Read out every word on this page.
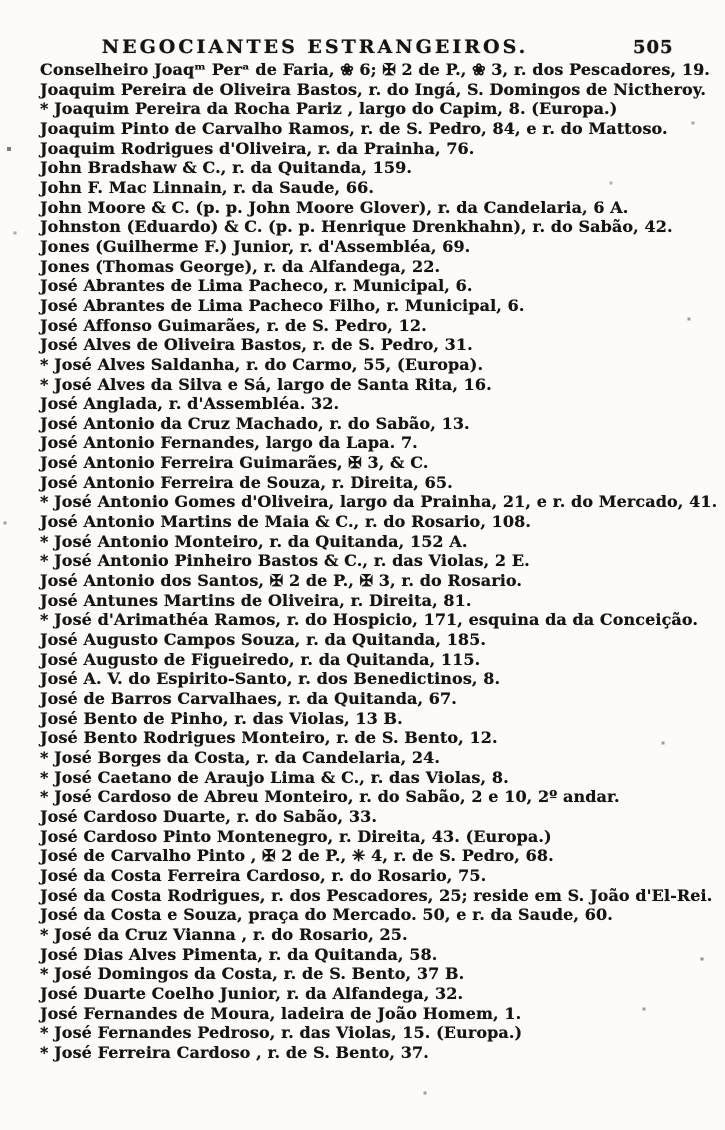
NEGOCIANTES ESTRANGEIROS.	505
Conselheiro Joaqᵐ Perᵃ de Faria, ❀ 6; ✠ 2 de P., ❀ 3, r. dos Pescadores, 19.
Joaquim Pereira de Oliveira Bastos, r. do Ingá, S. Domingos de Nictheroy.
* Joaquim Pereira da Rocha Pariz , largo do Capim, 8. (Europa.)
Joaquim Pinto de Carvalho Ramos, r. de S. Pedro, 84, e r. do Mattoso.
Joaquim Rodrigues d'Oliveira, r. da Prainha, 76.
John Bradshaw & C., r. da Quitanda, 159.
John F. Mac Linnain, r. da Saude, 66.
John Moore & C. (p. p. John Moore Glover), r. da Candelaria, 6 A.
Johnston (Eduardo) & C. (p. p. Henrique Drenkhahn), r. do Sabão, 42.
Jones (Guilherme F.) Junior, r. d'Assembléa, 69.
Jones (Thomas George), r. da Alfandega, 22.
José Abrantes de Lima Pacheco, r. Municipal, 6.
José Abrantes de Lima Pacheco Filho, r. Municipal, 6.
José Affonso Guimarães, r. de S. Pedro, 12.
José Alves de Oliveira Bastos, r. de S. Pedro, 31.
* José Alves Saldanha, r. do Carmo, 55, (Europa).
* José Alves da Silva e Sá, largo de Santa Rita, 16.
José Anglada, r. d'Assembléa. 32.
José Antonio da Cruz Machado, r. do Sabão, 13.
José Antonio Fernandes, largo da Lapa. 7.
José Antonio Ferreira Guimarães, ✠ 3, & C.
José Antonio Ferreira de Souza, r. Direita, 65.
* José Antonio Gomes d'Oliveira, largo da Prainha, 21, e r. do Mercado, 41.
José Antonio Martins de Maia & C., r. do Rosario, 108.
* José Antonio Monteiro, r. da Quitanda, 152 A.
* José Antonio Pinheiro Bastos & C., r. das Violas, 2 E.
José Antonio dos Santos, ✠ 2 de P., ✠ 3, r. do Rosario.
José Antunes Martins de Oliveira, r. Direita, 81.
* José d'Arimathéa Ramos, r. do Hospicio, 171, esquina da da Conceição.
José Augusto Campos Souza, r. da Quitanda, 185.
José Augusto de Figueiredo, r. da Quitanda, 115.
José A. V. do Espirito-Santo, r. dos Benedictinos, 8.
José de Barros Carvalhaes, r. da Quitanda, 67.
José Bento de Pinho, r. das Violas, 13 B.
José Bento Rodrigues Monteiro, r. de S. Bento, 12.
* José Borges da Costa, r. da Candelaria, 24.
* José Caetano de Araujo Lima & C., r. das Violas, 8.
* José Cardoso de Abreu Monteiro, r. do Sabão, 2 e 10, 2º andar.
José Cardoso Duarte, r. do Sabão, 33.
José Cardoso Pinto Montenegro, r. Direita, 43. (Europa.)
José de Carvalho Pinto , ✠ 2 de P., ✳ 4, r. de S. Pedro, 68.
José da Costa Ferreira Cardoso, r. do Rosario, 75.
José da Costa Rodrigues, r. dos Pescadores, 25; reside em S. João d'El-Rei.
José da Costa e Souza, praça do Mercado. 50, e r. da Saude, 60.
* José da Cruz Vianna , r. do Rosario, 25.
José Dias Alves Pimenta, r. da Quitanda, 58.
* José Domingos da Costa, r. de S. Bento, 37 B.
José Duarte Coelho Junior, r. da Alfandega, 32.
José Fernandes de Moura, ladeira de João Homem, 1.
* José Fernandes Pedroso, r. das Violas, 15. (Europa.)
* José Ferreira Cardoso , r. de S. Bento, 37.
